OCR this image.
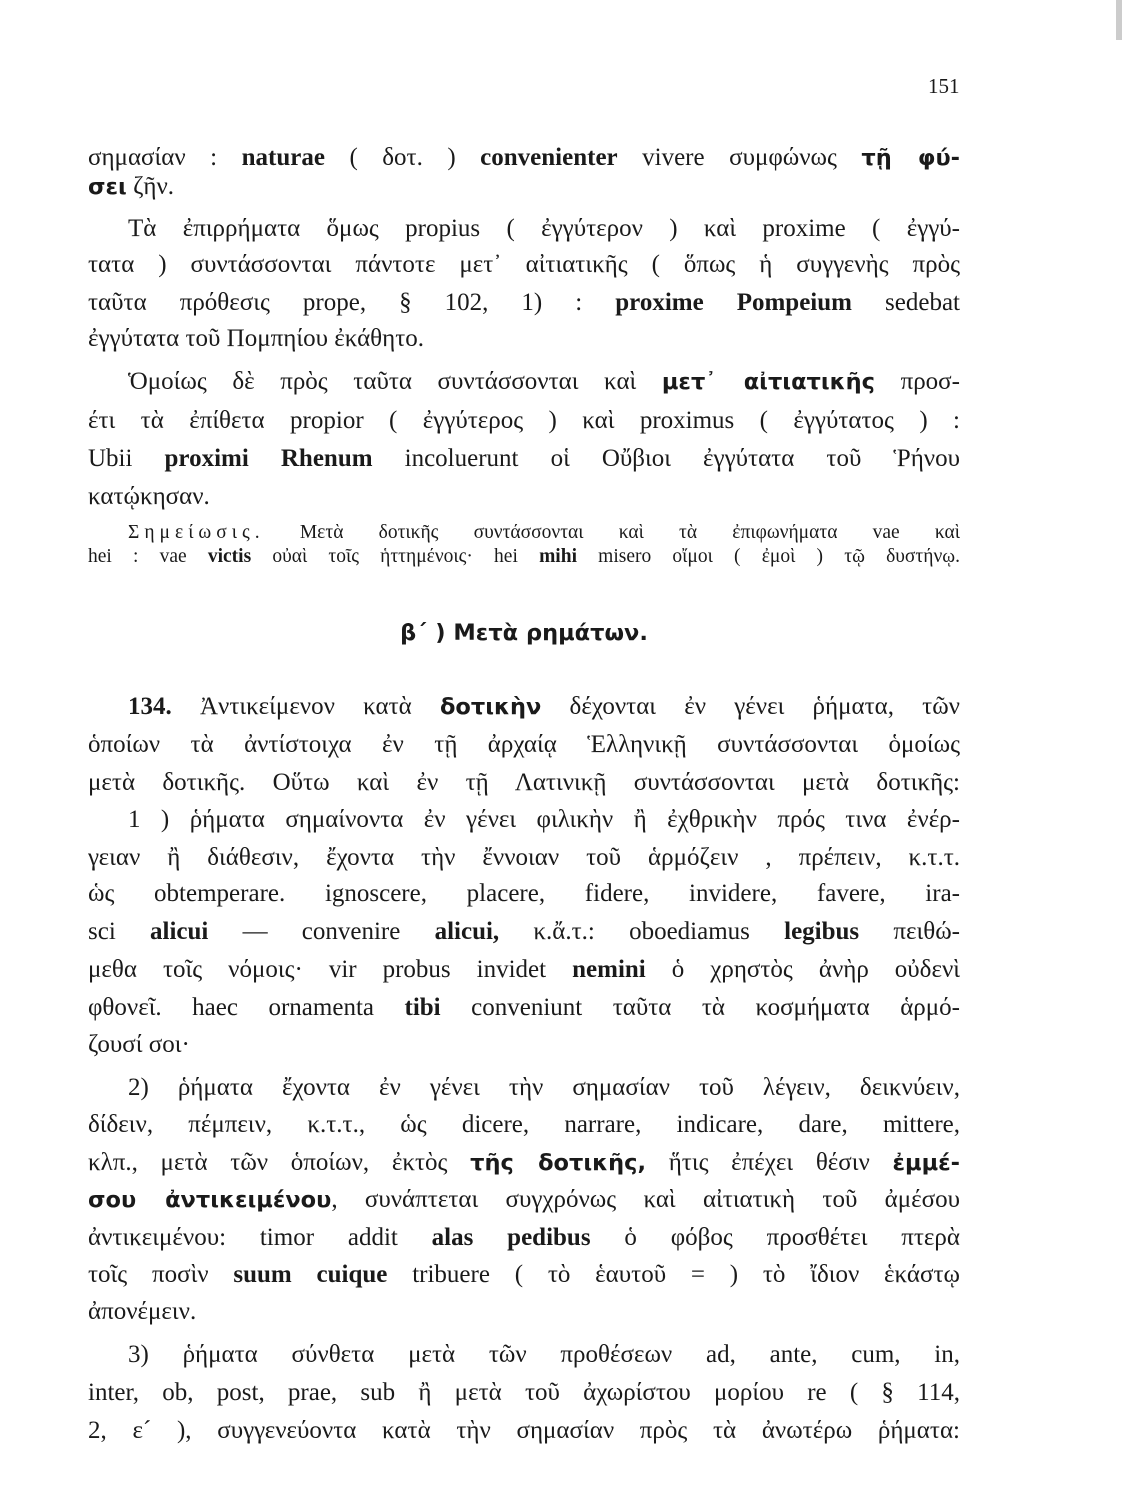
151
σημασίαν : naturae ( δοτ. ) convenienter vivere συμφώνως τῇ φύ-
σει ζῆν.
Τὰ ἐπιρρήματα ὅμως propius ( ἐγγύτερον ) καὶ proxime ( ἐγγύ-
τατα ) συντάσσονται πάντοτε μετ᾽ αἰτιατικῆς ( ὅπως ἡ συγγενὴς πρὸς
ταῦτα πρόθεσις prope, § 102, 1) : proxime Pompeium sedebat
ἐγγύτατα τοῦ Πομπηίου ἐκάθητο.
Ὁμοίως δὲ πρὸς ταῦτα συντάσσονται καὶ μετ᾽ αἰτιατικῆς προσ-
έτι τὰ ἐπίθετα propior ( ἐγγύτερος ) καὶ proximus ( ἐγγύτατος ) :
Ubii proximi Rhenum incoluerunt οἱ Οὔβιοι ἐγγύτατα τοῦ Ῥήνου
κατῴκησαν.
Σημείωσις. Μετὰ δοτικῆς συντάσσονται καὶ τὰ ἐπιφωνήματα vae καὶ
hei : vae victis οὐαὶ τοῖς ἡττημένοις· hei mihi misero οἴμοι ( ἐμοὶ ) τῷ δυστήνῳ.
β´ ) Μετὰ ρημάτων.
134. Ἀντικείμενον κατὰ δοτικὴν δέχονται ἐν γένει ῥήματα, τῶν
ὁποίων τὰ ἀντίστοιχα ἐν τῇ ἀρχαίᾳ Ἑλληνικῇ συντάσσονται ὁμοίως
μετὰ δοτικῆς. Οὕτω καὶ ἐν τῇ Λατινικῇ συντάσσονται μετὰ δοτικῆς:
1 ) ῥήματα σημαίνοντα ἐν γένει φιλικὴν ἢ ἐχθρικὴν πρός τινα ἐνέρ-
γειαν ἢ διάθεσιν, ἔχοντα τὴν ἔννοιαν τοῦ ἁρμόζειν , πρέπειν, κ.τ.τ.
ὡς obtemperare. ignoscere, placere, fidere, invidere, favere, ira-
sci alicui — convenire alicui, κ.ἄ.τ.: oboediamus legibus πειθώ-
μεθα τοῖς νόμοις· vir probus invidet nemini ὁ χρηστὸς ἀνὴρ οὐδενὶ
φθονεῖ. haec ornamenta tibi conveniunt ταῦτα τὰ κοσμήματα ἁρμό-
ζουσί σοι·
2) ῥήματα ἔχοντα ἐν γένει τὴν σημασίαν τοῦ λέγειν, δεικνύειν,
δίδειν, πέμπειν, κ.τ.τ., ὡς dicere, narrare, indicare, dare, mittere,
κλπ., μετὰ τῶν ὁποίων, ἐκτὸς τῆς δοτικῆς, ἥτις ἐπέχει θέσιν ἐμμέ-
σου ἀντικειμένου, συνάπτεται συγχρόνως καὶ αἰτιατικὴ τοῦ ἀμέσου
ἀντικειμένου: timor addit alas pedibus ὁ φόβος προσθέτει πτερὰ
τοῖς ποσὶν suum cuique tribuere ( τὸ ἑαυτοῦ = ) τὸ ἴδιον ἑκάστῳ
ἀπονέμειν.
3) ῥήματα σύνθετα μετὰ τῶν προθέσεων ad, ante, cum, in,
inter, ob, post, prae, sub ἢ μετὰ τοῦ ἀχωρίστου μορίου re ( § 114,
2, ε´ ), συγγενεύοντα κατὰ τὴν σημασίαν πρὸς τὰ ἀνωτέρω ῥήματα:
